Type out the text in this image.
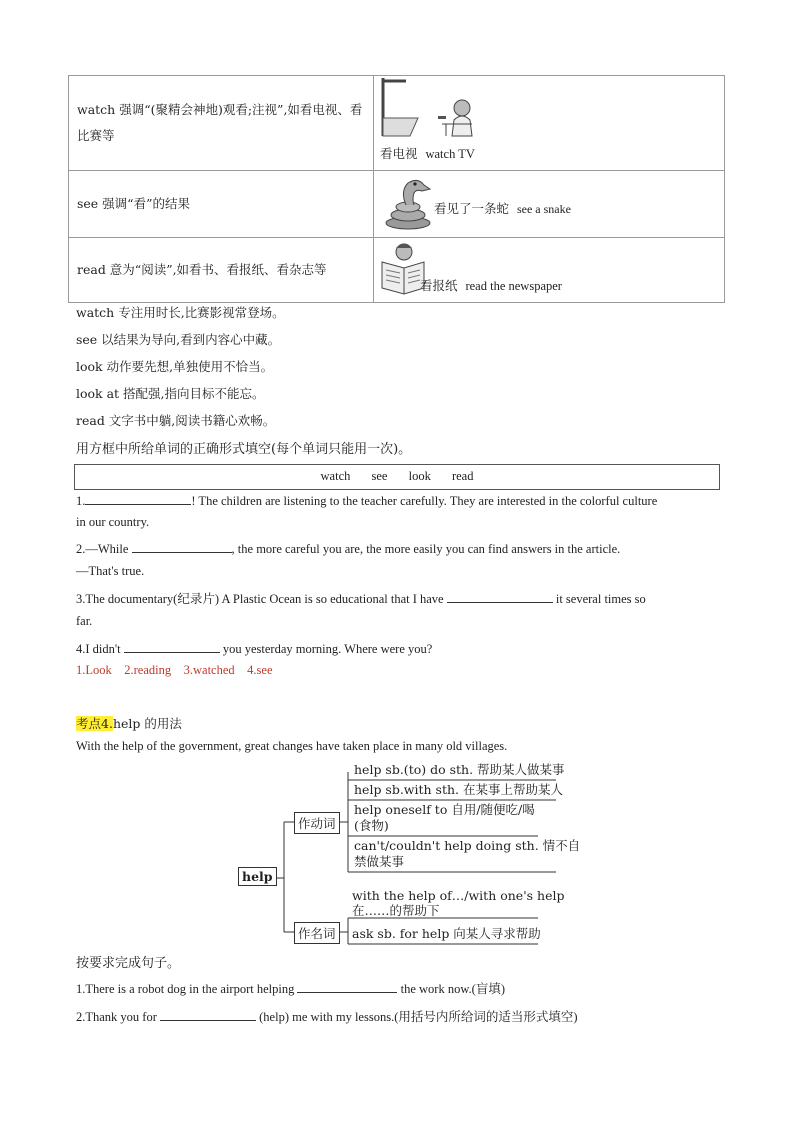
watch 强调“(聚精会神地)观看;注视”,如看电视、看比赛等	看电视 watch TV

see 强调“看”的结果	看见了一条蛇 see a snake

read 意为“阅读”,如看书、看报纸、看杂志等	看报纸 read the newspaper
watch 专注用时长,比赛影视常登场。
see 以结果为导向,看到内容心中藏。
look 动作要先想,单独使用不恰当。
look at 搭配强,指向目标不能忘。
read 文字书中躺,阅读书籍心欢畅。
用方框中所给单词的正确形式填空(每个单词只能用一次)。
watch see look read
1.	! The children are listening to the teacher carefully. They are interested in the colorful culture
in our country.
2.—While	, the more careful you are, the more easily you can find answers in the article.
—That's true.
3.The documentary(纪录片) A Plastic Ocean is so educational that I have	it several times so
far.
4.I didn't	you yesterday morning. Where were you?
1.Look 2.reading 3.watched 4.see
考点4.help 的用法
With the help of the government, great changes have taken place in many old villages.
help
作动词
作名词
help sb.(to) do sth. 帮助某人做某事
help sb.with sth. 在某事上帮助某人
help oneself to 自用/随便吃/喝
(食物)
can't/couldn't help doing sth. 情不自
禁做某事
with the help of…/with one's help
在……的帮助下
ask sb. for help 向某人寻求帮助
按要求完成句子。
1.There is a robot dog in the airport helping	the work now.(盲填)
2.Thank you for	(help) me with my lessons.(用括号内所给词的适当形式填空)
